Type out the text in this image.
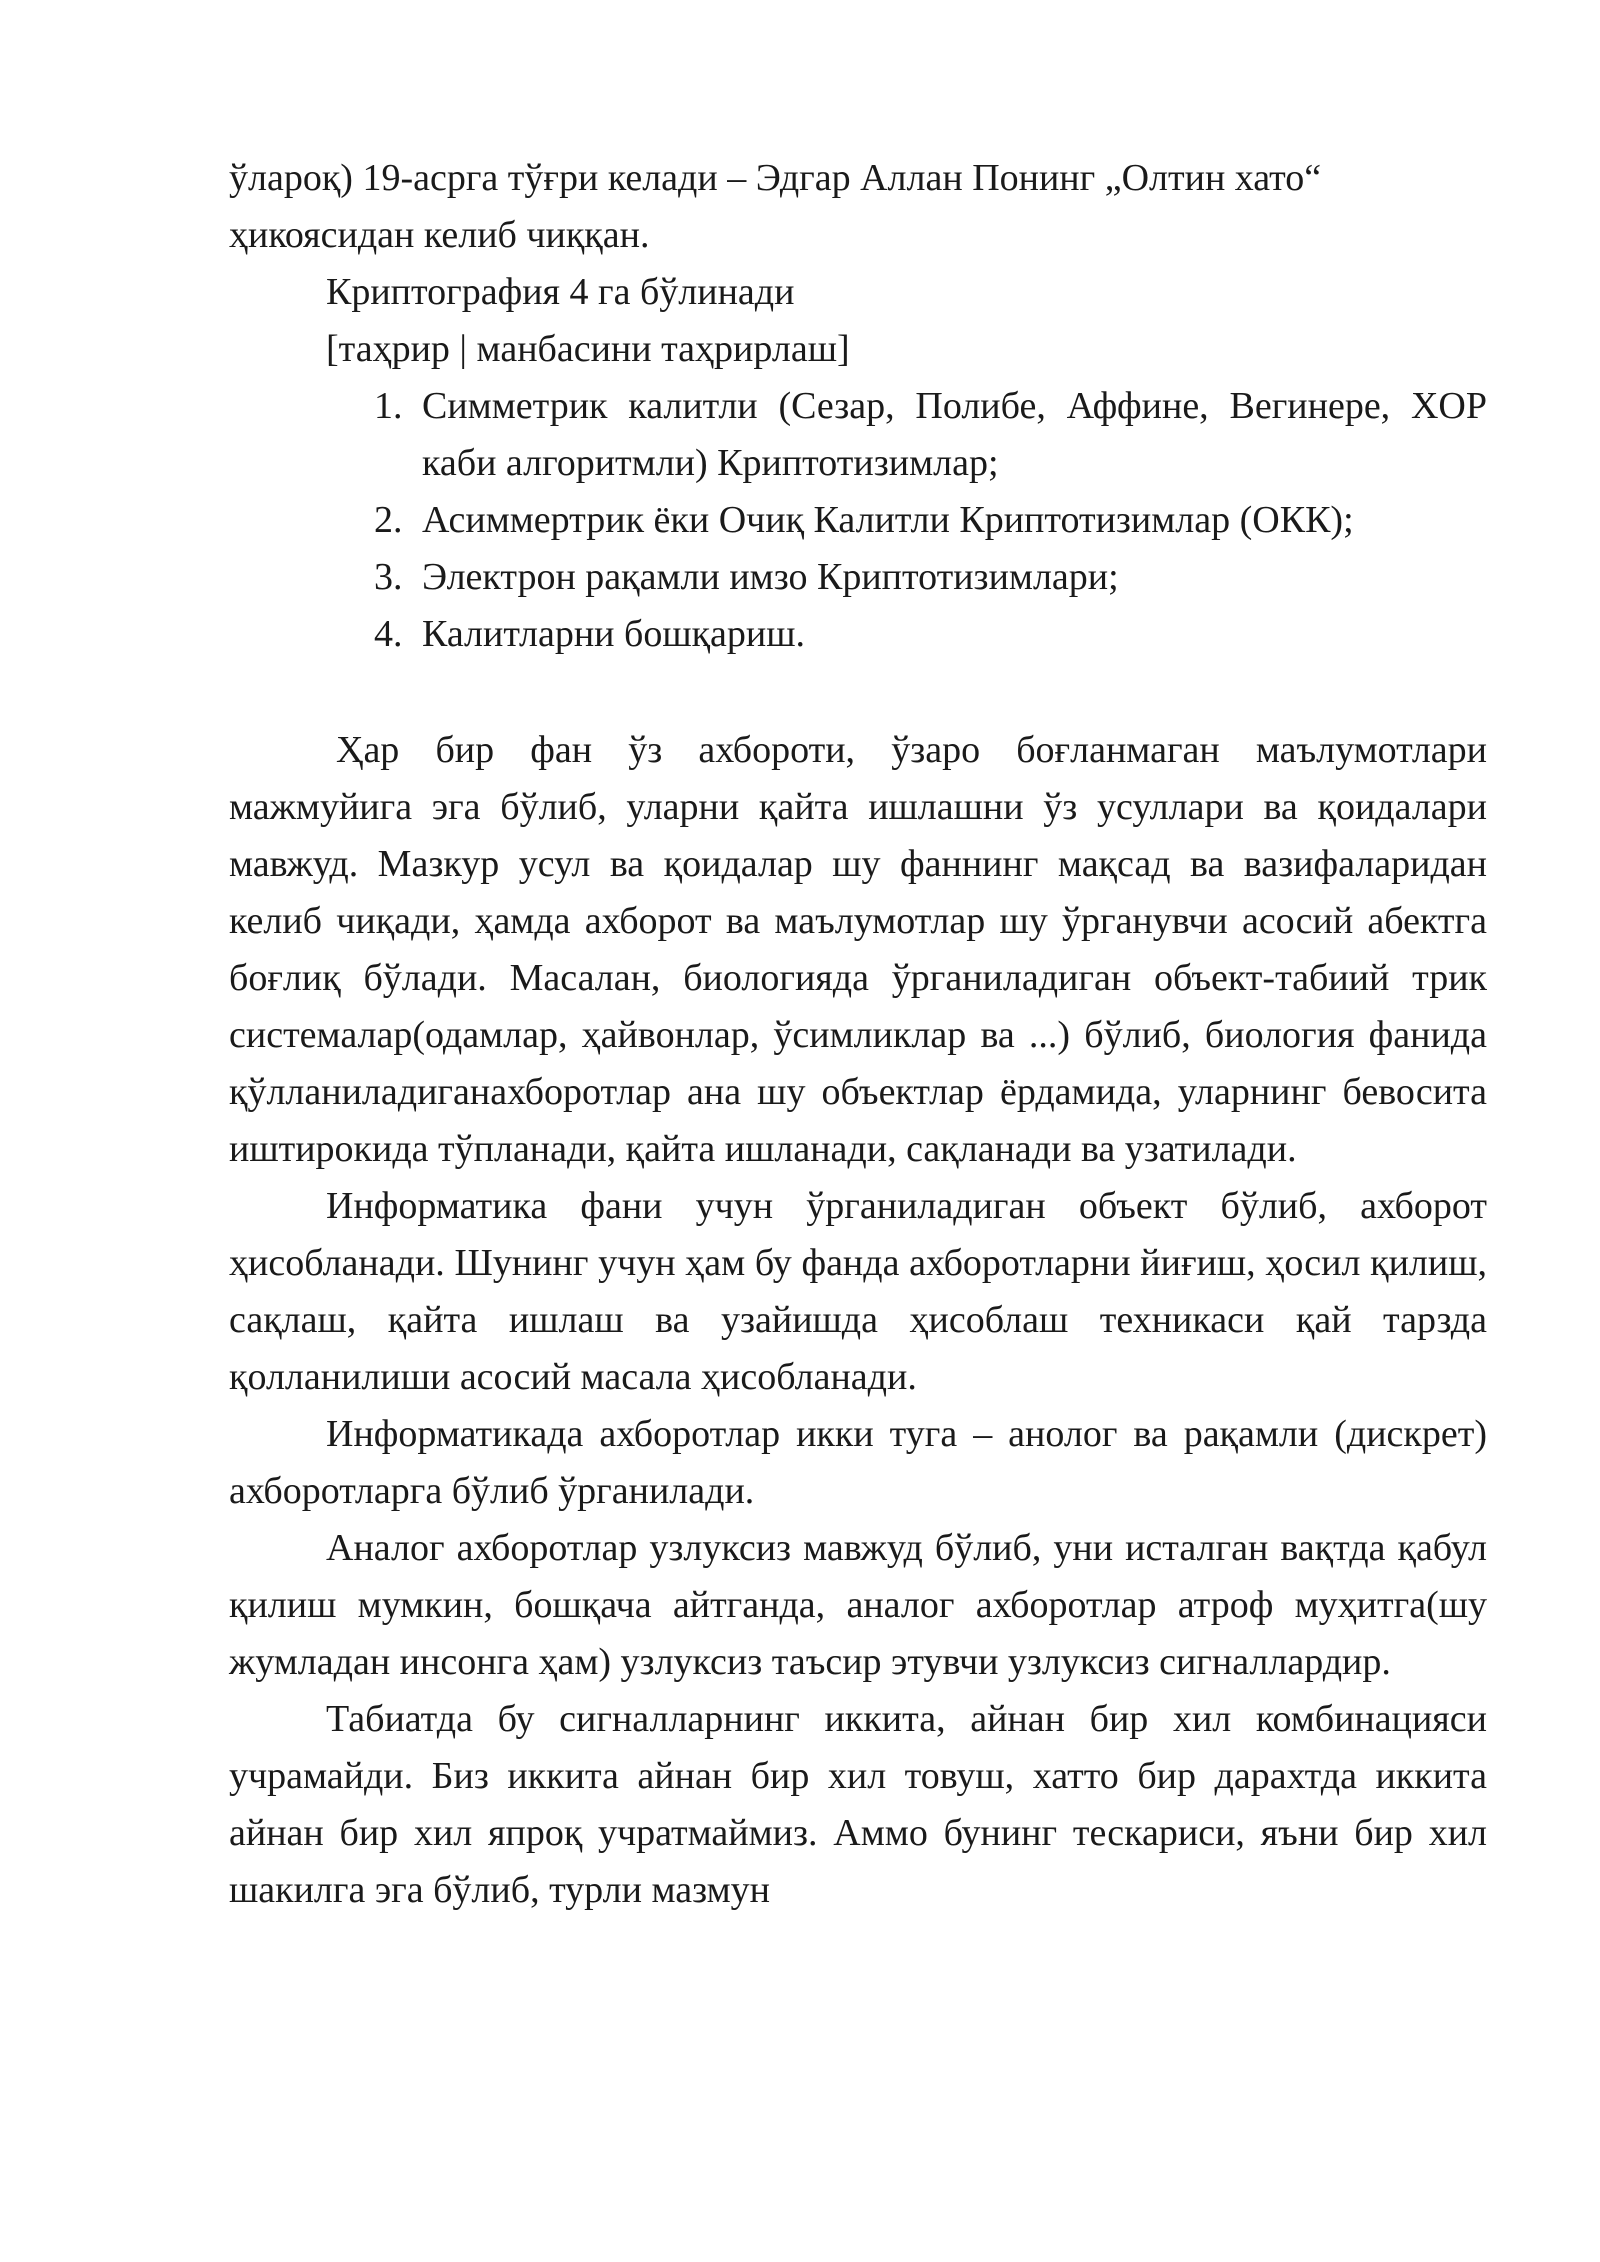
ўлароқ) 19-асрга тўғри келади – Эдгар Аллан Понинг „Олтин хато“ ҳикоясидан келиб чиққан.
Криптография 4 га бўлинади
[таҳрир | манбасини таҳрирлаш]
1. Симметрик калитли (Сезар, Полибе, Аффине, Вегинере, XOР каби алгоритмли) Криптотизимлар;
2. Асиммертрик ёки Очиқ Калитли Криптотизимлар (ОКК);
3. Электрон рақамли имзо Криптотизимлари;
4. Калитларни бошқариш.

Ҳар бир фан ўз ахбороти, ўзаро боғланмаган маълумотлари мажмуйига эга бўлиб, уларни қайта ишлашни ўз усуллари ва қоидалари мавжуд. Мазкур усул ва қоидалар шу фаннинг мақсад ва вазифаларидан келиб чиқади, ҳамда ахборот ва маълумотлар шу ўрганувчи асосий абектга боғлиқ бўлади. Масалан, биологияда ўрганиладиган объект-табиий трик системалар(одамлар, ҳайвонлар, ўсимликлар ва ...) бўлиб, биология фанида қўлланиладиганахборотлар ана шу объектлар ёрдамида, уларнинг бевосита иштирокида тўпланади, қайта ишланади, сақланади ва узатилади.

Информатика фани учун ўрганиладиган объект бўлиб, ахборот ҳисобланади. Шунинг учун ҳам бу фанда ахборотларни йиғиш, ҳосил қилиш, сақлаш, қайта ишлаш ва узайишда ҳисоблаш техникаси қай тарзда қолланилиши асосий масала ҳисобланади.

Информатикада ахборотлар икки туга – анолог ва рақамли (дискрет) ахборотларга бўлиб ўрганилади.

Аналог ахборотлар узлуксиз мавжуд бўлиб, уни исталган вақтда қабул қилиш мумкин, бошқача айтганда, аналог ахборотлар атроф муҳитга(шу жумладан инсонга ҳам) узлуксиз таъсир этувчи узлуксиз сигналлардир.

Табиатда бу сигналларнинг иккита, айнан бир хил комбинацияси учрамайди. Биз иккита айнан бир хил товуш, хатто бир дарахтда иккита айнан бир хил япроқ учратмаймиз. Аммо бунинг тескариси, яъни бир хил шакилга эга бўлиб, турли мазмун
